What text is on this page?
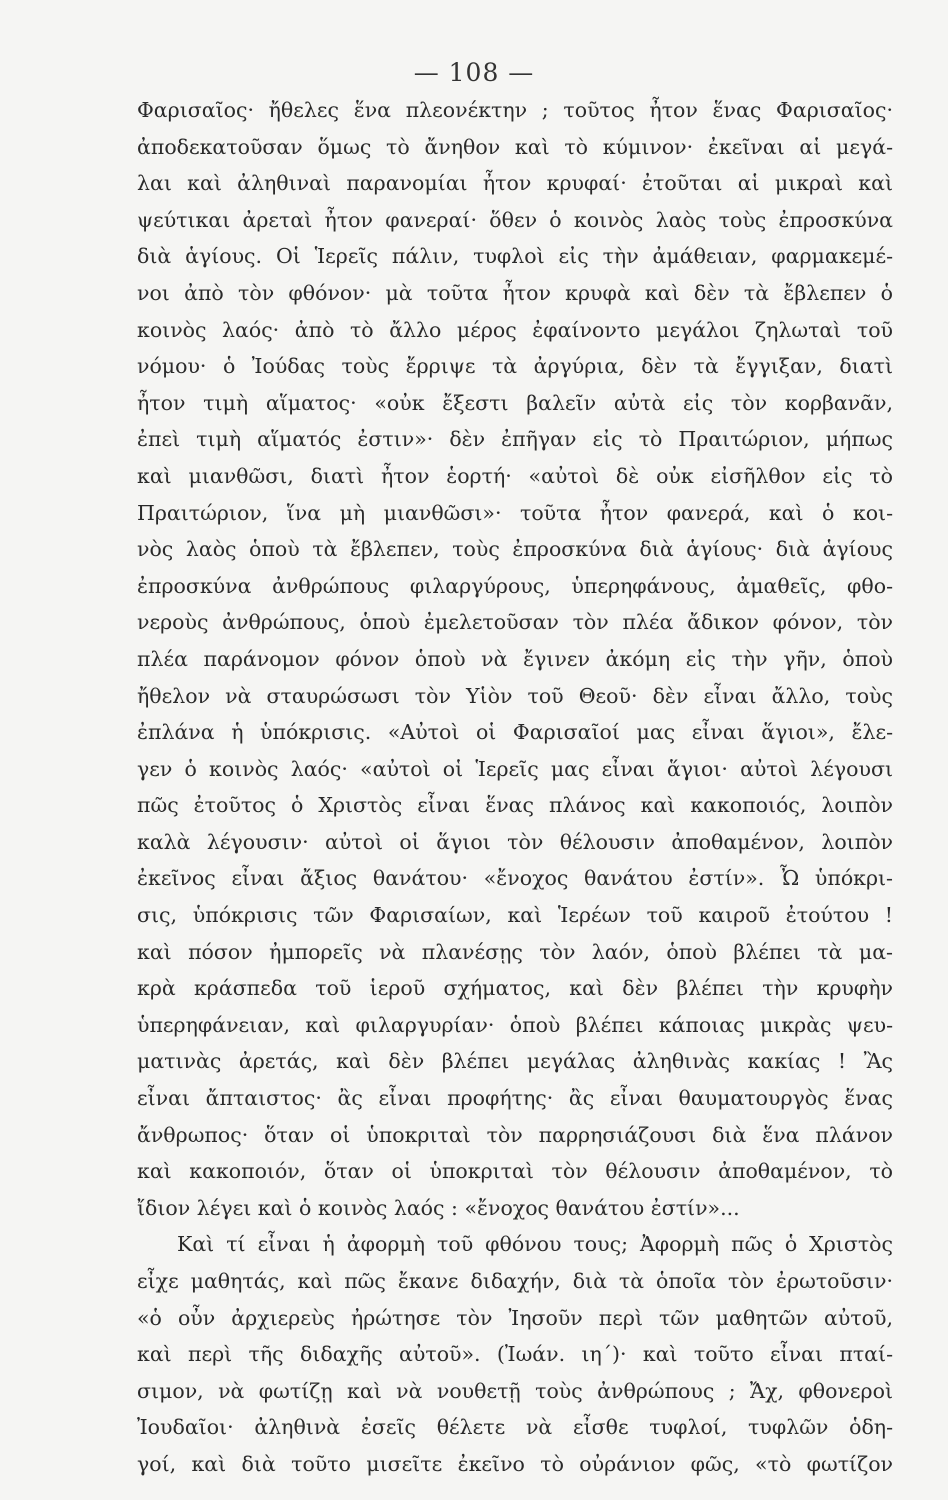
— 108 —
Φαρισαῖος· ἤθελες ἕνα πλεονέκτην ; τοῦτος ἦτον ἕνας Φαρισαῖος·
ἀποδεκατοῦσαν ὅμως τὸ ἄνηθον καὶ τὸ κύμινον· ἐκεῖναι αἱ μεγά-
λαι καὶ ἀληθιναὶ παρανομίαι ἦτον κρυφαί· ἐτοῦται αἱ μικραὶ καὶ
ψεύτικαι ἀρεταὶ ἦτον φανεραί· ὅθεν ὁ κοινὸς λαὸς τοὺς ἐπροσκύνα
διὰ ἁγίους. Οἱ Ἱερεῖς πάλιν, τυφλοὶ εἰς τὴν ἀμάθειαν, φαρμακεμέ-
νοι ἀπὸ τὸν φθόνον· μὰ τοῦτα ἦτον κρυφὰ καὶ δὲν τὰ ἔβλεπεν ὁ
κοινὸς λαός· ἀπὸ τὸ ἄλλο μέρος ἐφαίνοντο μεγάλοι ζηλωταὶ τοῦ
νόμου· ὁ Ἰούδας τοὺς ἔρριψε τὰ ἀργύρια, δὲν τὰ ἔγγιξαν, διατὶ
ἦτον τιμὴ αἵματος· «οὐκ ἔξεστι βαλεῖν αὐτὰ εἰς τὸν κορβανᾶν,
ἐπεὶ τιμὴ αἵματός ἐστιν»· δὲν ἐπῆγαν εἰς τὸ Πραιτώριον, μήπως
καὶ μιανθῶσι, διατὶ ἦτον ἑορτή· «αὐτοὶ δὲ οὐκ εἰσῆλθον εἰς τὸ
Πραιτώριον, ἵνα μὴ μιανθῶσι»· τοῦτα ἦτον φανερά, καὶ ὁ κοι-
νὸς λαὸς ὁποὺ τὰ ἔβλεπεν, τοὺς ἐπροσκύνα διὰ ἁγίους· διὰ ἁγίους
ἐπροσκύνα ἀνθρώπους φιλαργύρους, ὑπερηφάνους, ἀμαθεῖς, φθο-
νεροὺς ἀνθρώπους, ὁποὺ ἐμελετοῦσαν τὸν πλέα ἄδικον φόνον, τὸν
πλέα παράνομον φόνον ὁποὺ νὰ ἔγινεν ἀκόμη εἰς τὴν γῆν, ὁποὺ
ἤθελον νὰ σταυρώσωσι τὸν Υἱὸν τοῦ Θεοῦ· δὲν εἶναι ἄλλο, τοὺς
ἐπλάνα ἡ ὑπόκρισις. «Αὐτοὶ οἱ Φαρισαῖοί μας εἶναι ἅγιοι», ἔλε-
γεν ὁ κοινὸς λαός· «αὐτοὶ οἱ Ἱερεῖς μας εἶναι ἅγιοι· αὐτοὶ λέγουσι
πῶς ἐτοῦτος ὁ Χριστὸς εἶναι ἕνας πλάνος καὶ κακοποιός, λοιπὸν
καλὰ λέγουσιν· αὐτοὶ οἱ ἅγιοι τὸν θέλουσιν ἀποθαμένον, λοιπὸν
ἐκεῖνος εἶναι ἄξιος θανάτου· «ἔνοχος θανάτου ἐστίν». Ὦ ὑπόκρι-
σις, ὑπόκρισις τῶν Φαρισαίων, καὶ Ἱερέων τοῦ καιροῦ ἐτούτου !
καὶ πόσον ἠμπορεῖς νὰ πλανέσῃς τὸν λαόν, ὁποὺ βλέπει τὰ μα-
κρὰ κράσπεδα τοῦ ἱεροῦ σχήματος, καὶ δὲν βλέπει τὴν κρυφὴν
ὑπερηφάνειαν, καὶ φιλαργυρίαν· ὁποὺ βλέπει κάποιας μικρὰς ψευ-
ματινὰς ἀρετάς, καὶ δὲν βλέπει μεγάλας ἀληθινὰς κακίας ! Ἂς
εἶναι ἄπταιστος· ἂς εἶναι προφήτης· ἂς εἶναι θαυματουργὸς ἕνας
ἄνθρωπος· ὅταν οἱ ὑποκριταὶ τὸν παρρησιάζουσι διὰ ἕνα πλάνον
καὶ κακοποιόν, ὅταν οἱ ὑποκριταὶ τὸν θέλουσιν ἀποθαμένον, τὸ
ἴδιον λέγει καὶ ὁ κοινὸς λαός : «ἔνοχος θανάτου ἐστίν»...
Καὶ τί εἶναι ἡ ἀφορμὴ τοῦ φθόνου τους; Ἀφορμὴ πῶς ὁ Χριστὸς
εἶχε μαθητάς, καὶ πῶς ἔκανε διδαχήν, διὰ τὰ ὁποῖα τὸν ἐρωτοῦσιν·
«ὁ οὖν ἀρχιερεὺς ἠρώτησε τὸν Ἰησοῦν περὶ τῶν μαθητῶν αὐτοῦ,
καὶ περὶ τῆς διδαχῆς αὐτοῦ». (Ἰωάν. ιη´)· καὶ τοῦτο εἶναι πταί-
σιμον, νὰ φωτίζῃ καὶ νὰ νουθετῇ τοὺς ἀνθρώπους ; Ἄχ, φθονεροὶ
Ἰουδαῖοι· ἀληθινὰ ἐσεῖς θέλετε νὰ εἶσθε τυφλοί, τυφλῶν ὁδη-
γοί, καὶ διὰ τοῦτο μισεῖτε ἐκεῖνο τὸ οὐράνιον φῶς, «τὸ φωτίζον
